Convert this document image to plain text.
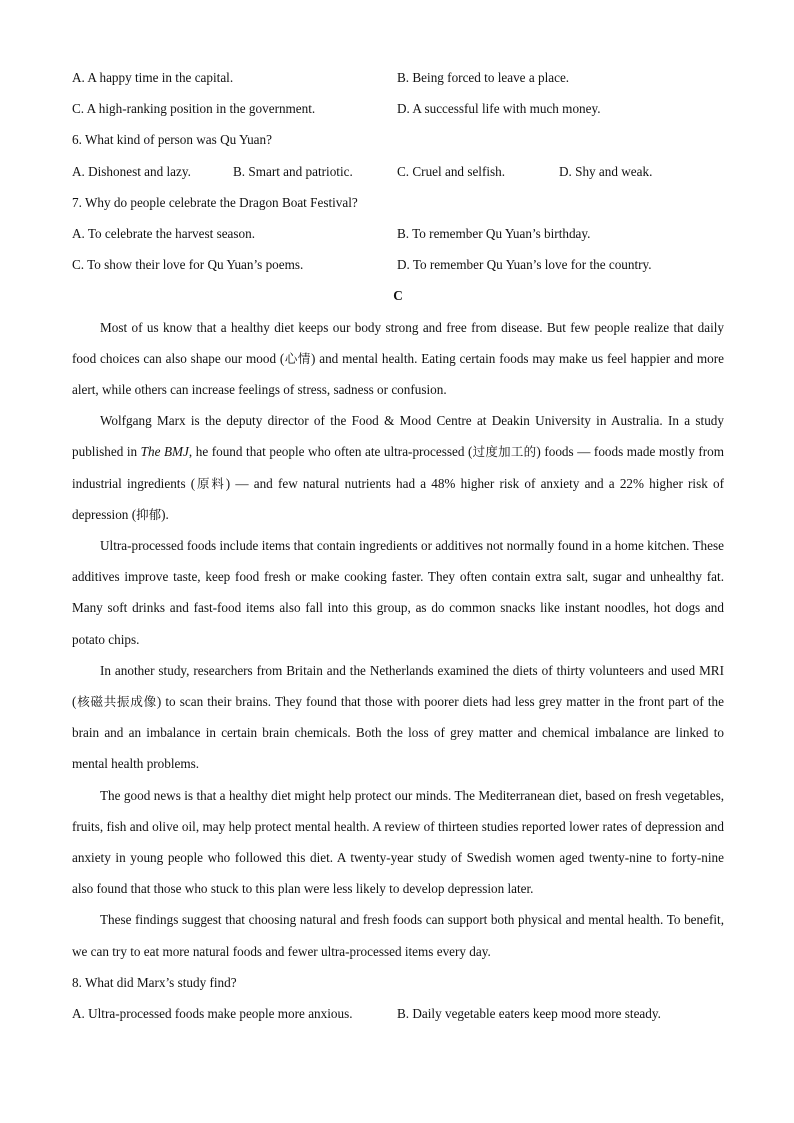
A. A happy time in the capital.	B. Being forced to leave a place.
C. A high-ranking position in the government.	D. A successful life with much money.
6. What kind of person was Qu Yuan?
A. Dishonest and lazy.	B. Smart and patriotic.	C. Cruel and selfish.	D. Shy and weak.
7. Why do people celebrate the Dragon Boat Festival?
A. To celebrate the harvest season.	B. To remember Qu Yuan’s birthday.
C. To show their love for Qu Yuan’s poems.	D. To remember Qu Yuan’s love for the country.
C

Most of us know that a healthy diet keeps our body strong and free from disease. But few people realize that daily food choices can also shape our mood (心情) and mental health. Eating certain foods may make us feel happier and more alert, while others can increase feelings of stress, sadness or confusion.

Wolfgang Marx is the deputy director of the Food & Mood Centre at Deakin University in Australia. In a study published in The BMJ, he found that people who often ate ultra-processed (过度加工的) foods — foods made mostly from industrial ingredients (原料) — and few natural nutrients had a 48% higher risk of anxiety and a 22% higher risk of depression (抑郁).

Ultra-processed foods include items that contain ingredients or additives not normally found in a home kitchen. These additives improve taste, keep food fresh or make cooking faster. They often contain extra salt, sugar and unhealthy fat. Many soft drinks and fast-food items also fall into this group, as do common snacks like instant noodles, hot dogs and potato chips.

In another study, researchers from Britain and the Netherlands examined the diets of thirty volunteers and used MRI (核磁共振成像) to scan their brains. They found that those with poorer diets had less grey matter in the front part of the brain and an imbalance in certain brain chemicals. Both the loss of grey matter and chemical imbalance are linked to mental health problems.

The good news is that a healthy diet might help protect our minds. The Mediterranean diet, based on fresh vegetables, fruits, fish and olive oil, may help protect mental health. A review of thirteen studies reported lower rates of depression and anxiety in young people who followed this diet. A twenty-year study of Swedish women aged twenty-nine to forty-nine also found that those who stuck to this plan were less likely to develop depression later.

These findings suggest that choosing natural and fresh foods can support both physical and mental health. To benefit, we can try to eat more natural foods and fewer ultra-processed items every day.

8. What did Marx’s study find?
A. Ultra-processed foods make people more anxious.	B. Daily vegetable eaters keep mood more steady.
